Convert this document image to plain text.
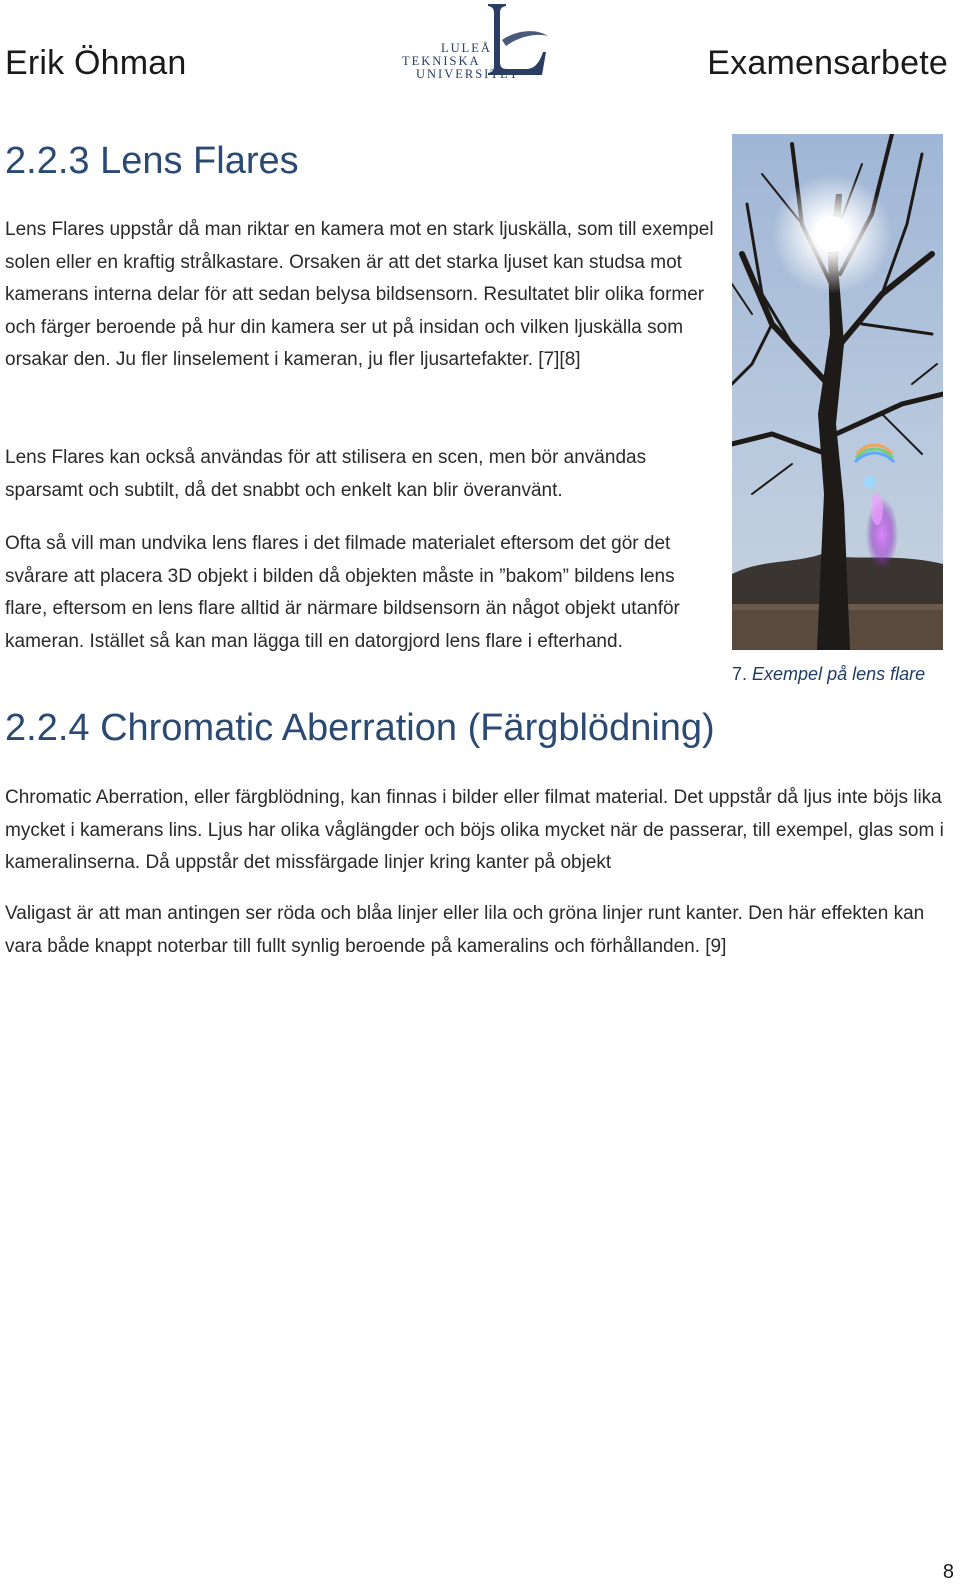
Erik Öhman	LULEÅ
TEKNISKA
UNIVERSITET	Examensarbete
2.2.3 Lens Flares

Lens Flares uppstår då man riktar en kamera mot en stark ljuskälla, som till exempel solen eller en kraftig strålkastare. Orsaken är att det starka ljuset kan studsa mot kamerans interna delar för att sedan belysa bildsensorn. Resultatet blir olika former och färger beroende på hur din kamera ser ut på insidan och vilken ljuskälla som orsakar den. Ju fler linselement i kameran, ju fler ljusartefakter. [7][8]

Lens Flares kan också användas för att stilisera en scen, men bör användas sparsamt och subtilt, då det snabbt och enkelt kan blir överanvänt.

Ofta så vill man undvika lens flares i det filmade materialet eftersom det gör det svårare att placera 3D objekt i bilden då objekten måste in ”bakom” bildens lens flare, eftersom en lens flare alltid är närmare bildsensorn än något objekt utanför kameran. Istället så kan man lägga till en datorgjord lens flare i efterhand.

7. Exempel på lens flare
2.2.4 Chromatic Aberration (Färgblödning)

Chromatic Aberration, eller färgblödning, kan finnas i bilder eller filmat material. Det uppstår då ljus inte böjs lika mycket i kamerans lins. Ljus har olika våglängder och böjs olika mycket när de passerar, till exempel, glas som i kameralinserna. Då uppstår det missfärgade linjer kring kanter på objekt

Valigast är att man antingen ser röda och blåa linjer eller lila och gröna linjer runt kanter. Den här effekten kan vara både knappt noterbar till fullt synlig beroende på kameralins och förhållanden. [9]

8
